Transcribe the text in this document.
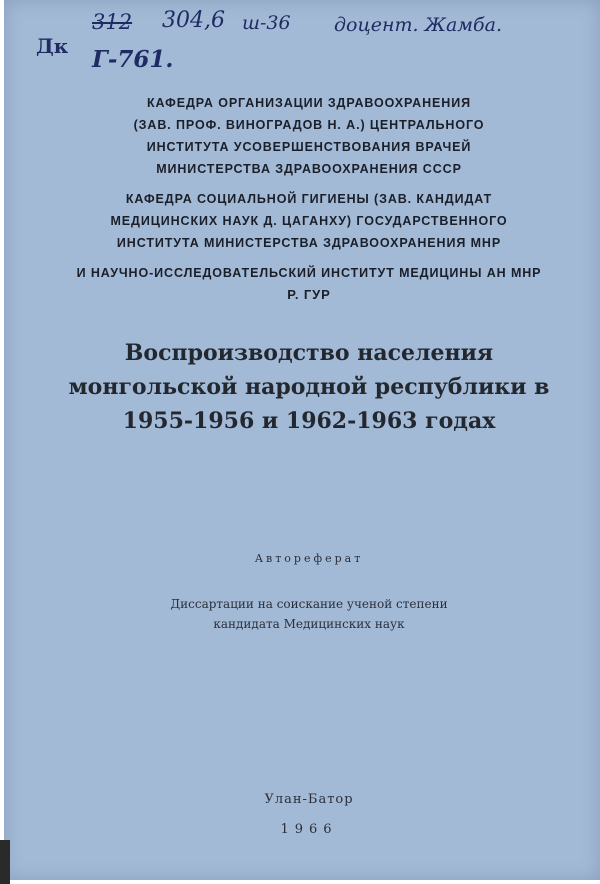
312 304,6 ш-36 доцент. Жамба.
Дк Г-761.
КАФЕДРА ОРГАНИЗАЦИИ ЗДРАВООХРАНЕНИЯ
(ЗАВ. ПРОФ. ВИНОГРАДОВ Н. А.) ЦЕНТРАЛЬНОГО
ИНСТИТУТА УСОВЕРШЕНСТВОВАНИЯ ВРАЧЕЙ
МИНИСТЕРСТВА ЗДРАВООХРАНЕНИЯ СССР
КАФЕДРА СОЦИАЛЬНОЙ ГИГИЕНЫ (ЗАВ. КАНДИДАТ
МЕДИЦИНСКИХ НАУК Д. ЦАГАНХУ) ГОСУДАРСТВЕННОГО
ИНСТИТУТА МИНИСТЕРСТВА ЗДРАВООХРАНЕНИЯ МНР
И НАУЧНО-ИССЛЕДОВАТЕЛЬСКИЙ ИНСТИТУТ МЕДИЦИНЫ АН МНР
Р. ГУР
Воспроизводство населения
монгольской народной республики в
1955-1956 и 1962-1963 годах
Автореферат
Диссартации на соискание ученой степени
кандидата Медицинских наук
Улан-Батор
1966
